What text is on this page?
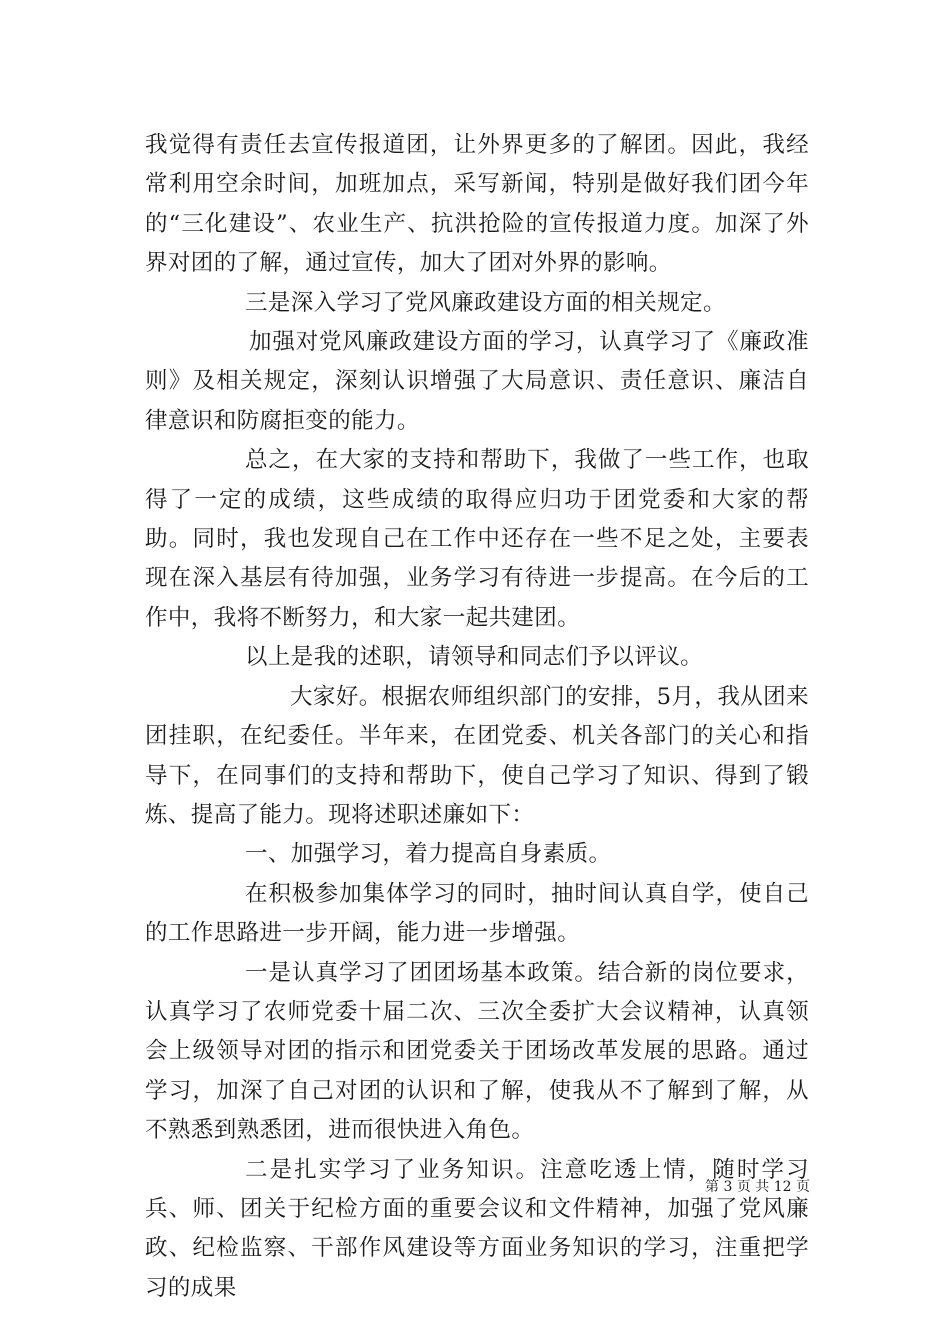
我觉得有责任去宣传报道团，让外界更多的了解团。因此，我经常利用空余时间，加班加点，采写新闻，特别是做好我们团今年的“三化建设”、农业生产、抗洪抢险的宣传报道力度。加深了外界对团的了解，通过宣传，加大了团对外界的影响。

三是深入学习了党风廉政建设方面的相关规定。

加强对党风廉政建设方面的学习，认真学习了《廉政准则》及相关规定，深刻认识增强了大局意识、责任意识、廉洁自律意识和防腐拒变的能力。

总之，在大家的支持和帮助下，我做了一些工作，也取得了一定的成绩，这些成绩的取得应归功于团党委和大家的帮助。同时，我也发现自己在工作中还存在一些不足之处，主要表现在深入基层有待加强，业务学习有待进一步提高。在今后的工作中，我将不断努力，和大家一起共建团。

以上是我的述职，请领导和同志们予以评议。

大家好。根据农师组织部门的安排，5月，我从团来团挂职，在纪委任。半年来，在团党委、机关各部门的关心和指导下，在同事们的支持和帮助下，使自己学习了知识、得到了锻炼、提高了能力。现将述职述廉如下：

一、加强学习，着力提高自身素质。

在积极参加集体学习的同时，抽时间认真自学，使自己的工作思路进一步开阔，能力进一步增强。

一是认真学习了团团场基本政策。结合新的岗位要求，认真学习了农师党委十届二次、三次全委扩大会议精神，认真领会上级领导对团的指示和团党委关于团场改革发展的思路。通过学习，加深了自己对团的认识和了解，使我从不了解到了解，从不熟悉到熟悉团，进而很快进入角色。

二是扎实学习了业务知识。注意吃透上情，随时学习兵、师、团关于纪检方面的重要会议和文件精神，加强了党风廉政、纪检监察、干部作风建设等方面业务知识的学习，注重把学习的成果

第 3 页 共 12 页
